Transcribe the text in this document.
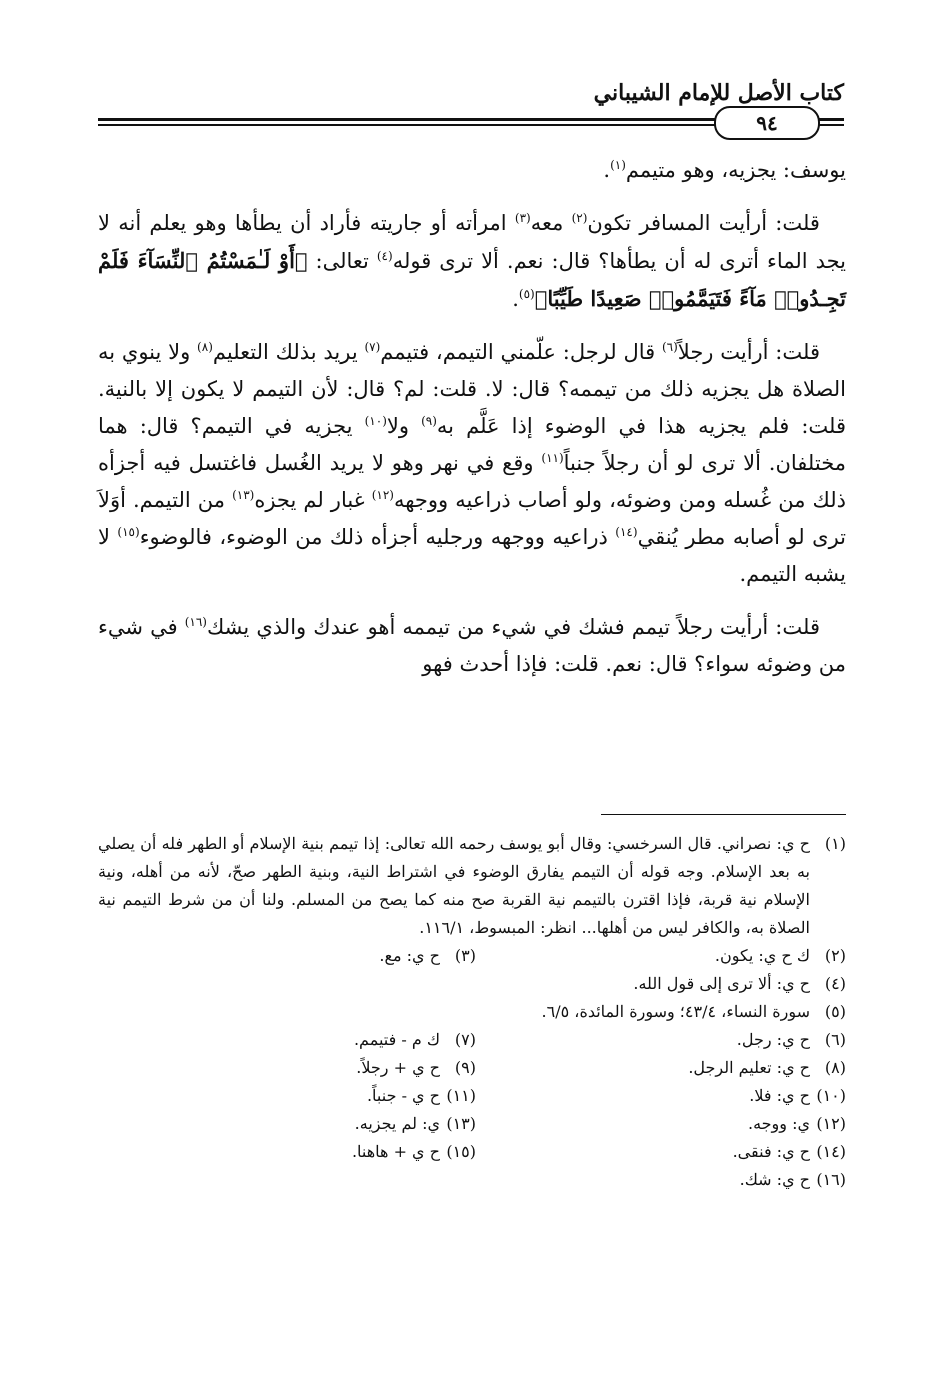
كتاب الأصل للإمام الشيباني
٩٤

يوسف: يجزيه، وهو متيمم$^{(١)}$.

قلت: أرأيت المسافر تكون$^{(٢)}$ معه$^{(٣)}$ امرأته أو جاريته فأراد أن يطأها وهو يعلم أنه لا يجد الماء أترى له أن يطأها؟ قال: نعم. ألا ترى قوله$^{(٤)}$ تعالى: ﴿أَوْ لَـٰمَسْتُمُ ٱلنِّسَآءَ فَلَمْ تَجِـدُوا۟ مَآءً فَتَيَمَّمُوا۟ صَعِيدًا طَيِّبًا﴾$^{(٥)}$.

قلت: أرأيت رجلاً$^{(٦)}$ قال لرجل: علّمني التيمم، فتيمم$^{(٧)}$ يريد بذلك التعليم$^{(٨)}$ ولا ينوي به الصلاة هل يجزيه ذلك من تيممه؟ قال: لا. قلت: لم؟ قال: لأن التيمم لا يكون إلا بالنية. قلت: فلم يجزيه هذا في الوضوء إذا عَلَّم به$^{(٩)}$ ولا$^{(١٠)}$ يجزيه في التيمم؟ قال: هما مختلفان. ألا ترى لو أن رجلاً جنباً$^{(١١)}$ وقع في نهر وهو لا يريد الغُسل فاغتسل فيه أجزأه ذلك من غُسله ومن وضوئه، ولو أصاب ذراعيه ووجهه$^{(١٢)}$ غبار لم يجزه$^{(١٣)}$ من التيمم. أوَلاَ ترى لو أصابه مطر يُنقي$^{(١٤)}$ ذراعيه ووجهه ورجليه أجزأه ذلك من الوضوء، فالوضوء$^{(١٥)}$ لا يشبه التيمم.

قلت: أرأيت رجلاً تيمم فشك في شيء من تيممه أهو عندك والذي يشك$^{(١٦)}$ في شيء من وضوئه سواء؟ قال: نعم. قلت: فإذا أحدث فهو

(١)
ح ي: نصراني. قال السرخسي: وقال أبو يوسف رحمه الله تعالى: إذا تيمم بنية الإسلام أو الطهر فله أن يصلي به بعد الإسلام. وجه قوله أن التيمم يفارق الوضوء في اشتراط النية، وبنية الطهر صحّ، لأنه من أهله، ونية الإسلام نية قربة، فإذا اقترن بالتيمم نية القربة صح منه كما يصح من المسلم. ولنا أن من شرط التيمم نية الصلاة به، والكافر ليس من أهلها... انظر: المبسوط، ١١٦/١.
(٢)
ك ح ي: يكون.
(٣)
ح ي: مع.
(٤)
ح ي: ألا ترى إلى قول الله.
(٥)
سورة النساء، ٤٣/٤؛ وسورة المائدة، ٦/٥.
(٦)
ح ي: رجل.
(٧)
ك م - فتيمم.
(٨)
ح ي: تعليم الرجل.
(٩)
ح ي + رجلاً.
(١٠)
ح ي: فلا.
(١١)
ح ي - جنباً.
(١٢)
ي: ووجه.
(١٣)
ي: لم يجزيه.
(١٤)
ح ي: فنقى.
(١٥)
ح ي + هاهنا.
(١٦)
ح ي: شك.
